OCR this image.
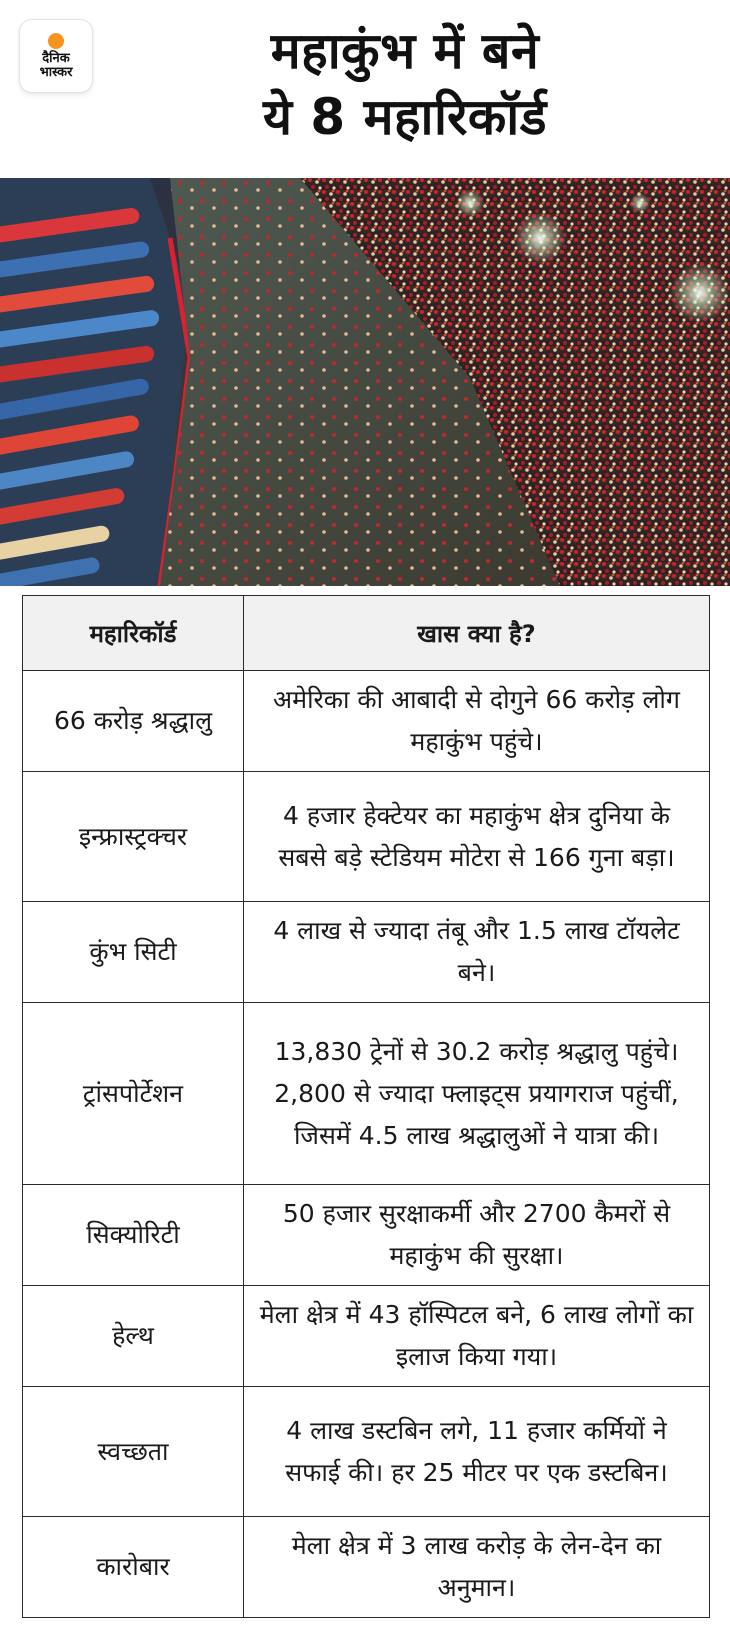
दैनिक
भास्कर	महाकुंभ में बने
ये 8 महारिकॉर्ड
महारिकॉर्ड	खास क्या है?
66 करोड़ श्रद्धालु	अमेरिका की आबादी से दोगुने 66 करोड़ लोग महाकुंभ पहुंचे।
इन्फ्रास्ट्रक्चर	4 हजार हेक्टेयर का महाकुंभ क्षेत्र दुनिया के सबसे बड़े स्टेडियम मोटेरा से 166 गुना बड़ा।
कुंभ सिटी	4 लाख से ज्यादा तंबू और 1.5 लाख टॉयलेट बने।
ट्रांसपोर्टेशन	13,830 ट्रेनों से 30.2 करोड़ श्रद्धालु पहुंचे। 2,800 से ज्यादा फ्लाइट्स प्रयागराज पहुंचीं, जिसमें 4.5 लाख श्रद्धालुओं ने यात्रा की।
सिक्योरिटी	50 हजार सुरक्षाकर्मी और 2700 कैमरों से महाकुंभ की सुरक्षा।
हेल्थ	मेला क्षेत्र में 43 हॉस्पिटल बने, 6 लाख लोगों का इलाज किया गया।
स्वच्छता	4 लाख डस्टबिन लगे, 11 हजार कर्मियों ने सफाई की। हर 25 मीटर पर एक डस्टबिन।
कारोबार	मेला क्षेत्र में 3 लाख करोड़ के लेन-देन का अनुमान।
